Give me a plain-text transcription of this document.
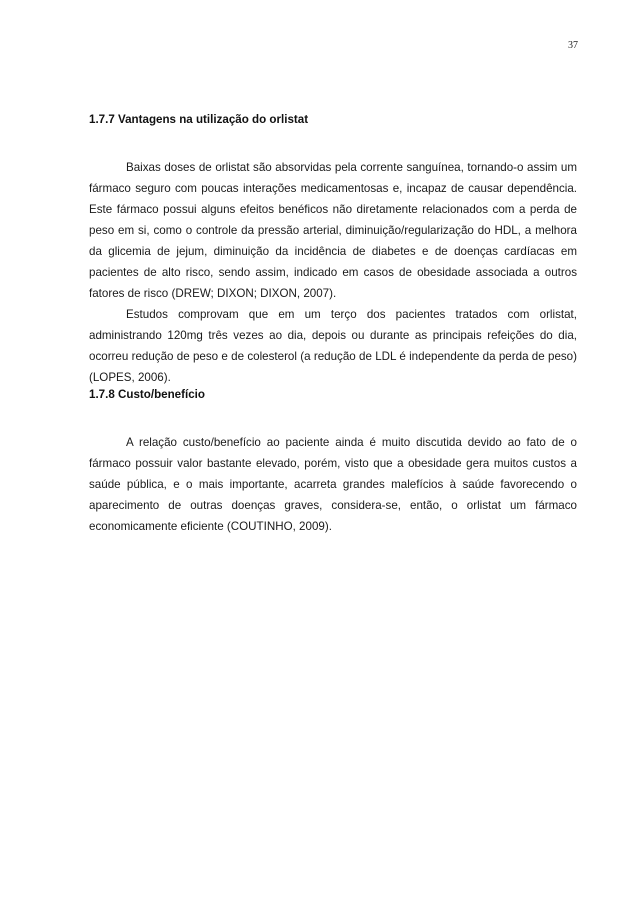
37
1.7.7 Vantagens na utilização do orlistat

Baixas doses de orlistat são absorvidas pela corrente sanguínea, tornando-o assim um fármaco seguro com poucas interações medicamentosas e, incapaz de causar dependência. Este fármaco possui alguns efeitos benéficos não diretamente relacionados com a perda de peso em si, como o controle da pressão arterial, diminuição/regularização do HDL, a melhora da glicemia de jejum, diminuição da incidência de diabetes e de doenças cardíacas em pacientes de alto risco, sendo assim, indicado em casos de obesidade associada a outros fatores de risco (DREW; DIXON; DIXON, 2007).

Estudos comprovam que em um terço dos pacientes tratados com orlistat, administrando 120mg três vezes ao dia, depois ou durante as principais refeições do dia, ocorreu redução de peso e de colesterol (a redução de LDL é independente da perda de peso) (LOPES, 2006).

1.7.8 Custo/benefício

A relação custo/benefício ao paciente ainda é muito discutida devido ao fato de o fármaco possuir valor bastante elevado, porém, visto que a obesidade gera muitos custos a saúde pública, e o mais importante, acarreta grandes malefícios à saúde favorecendo o aparecimento de outras doenças graves, considera-se, então, o orlistat um fármaco economicamente eficiente (COUTINHO, 2009).
